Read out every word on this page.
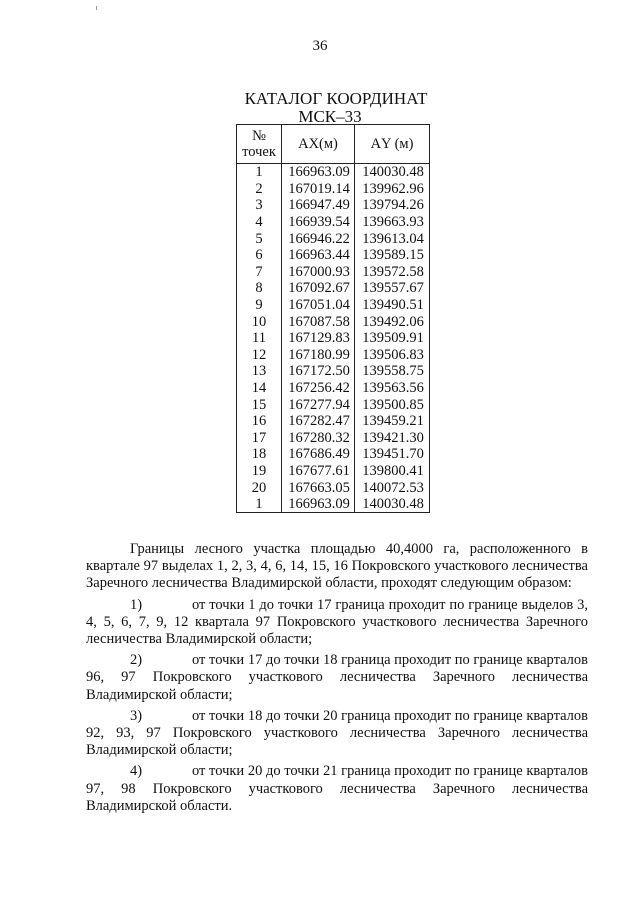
36
КАТАЛОГ КООРДИНАТ
МСК–33
№ точек	АХ(м)	АY (м)
1	166963.09	140030.48
2	167019.14	139962.96
3	166947.49	139794.26
4	166939.54	139663.93
5	166946.22	139613.04
6	166963.44	139589.15
7	167000.93	139572.58
8	167092.67	139557.67
9	167051.04	139490.51
10	167087.58	139492.06
11	167129.83	139509.91
12	167180.99	139506.83
13	167172.50	139558.75
14	167256.42	139563.56
15	167277.94	139500.85
16	167282.47	139459.21
17	167280.32	139421.30
18	167686.49	139451.70
19	167677.61	139800.41
20	167663.05	140072.53
1	166963.09	140030.48

Границы лесного участка площадью 40,4000 га, расположенного в квартале 97 выделах 1, 2, 3, 4, 6, 14, 15, 16 Покровского участкового лесничества Заречного лесничества Владимирской области, проходят следующим образом:

1)	от точки 1 до точки 17 граница проходит по границе выделов 3, 4, 5, 6, 7, 9, 12 квартала 97 Покровского участкового лесничества Заречного лесничества Владимирской области;

2)	от точки 17 до точки 18 граница проходит по границе кварталов 96, 97 Покровского участкового лесничества Заречного лесничества Владимирской области;

3)	от точки 18 до точки 20 граница проходит по границе кварталов 92, 93, 97 Покровского участкового лесничества Заречного лесничества Владимирской области;

4)	от точки 20 до точки 21 граница проходит по границе кварталов 97, 98 Покровского участкового лесничества Заречного лесничества Владимирской области.
